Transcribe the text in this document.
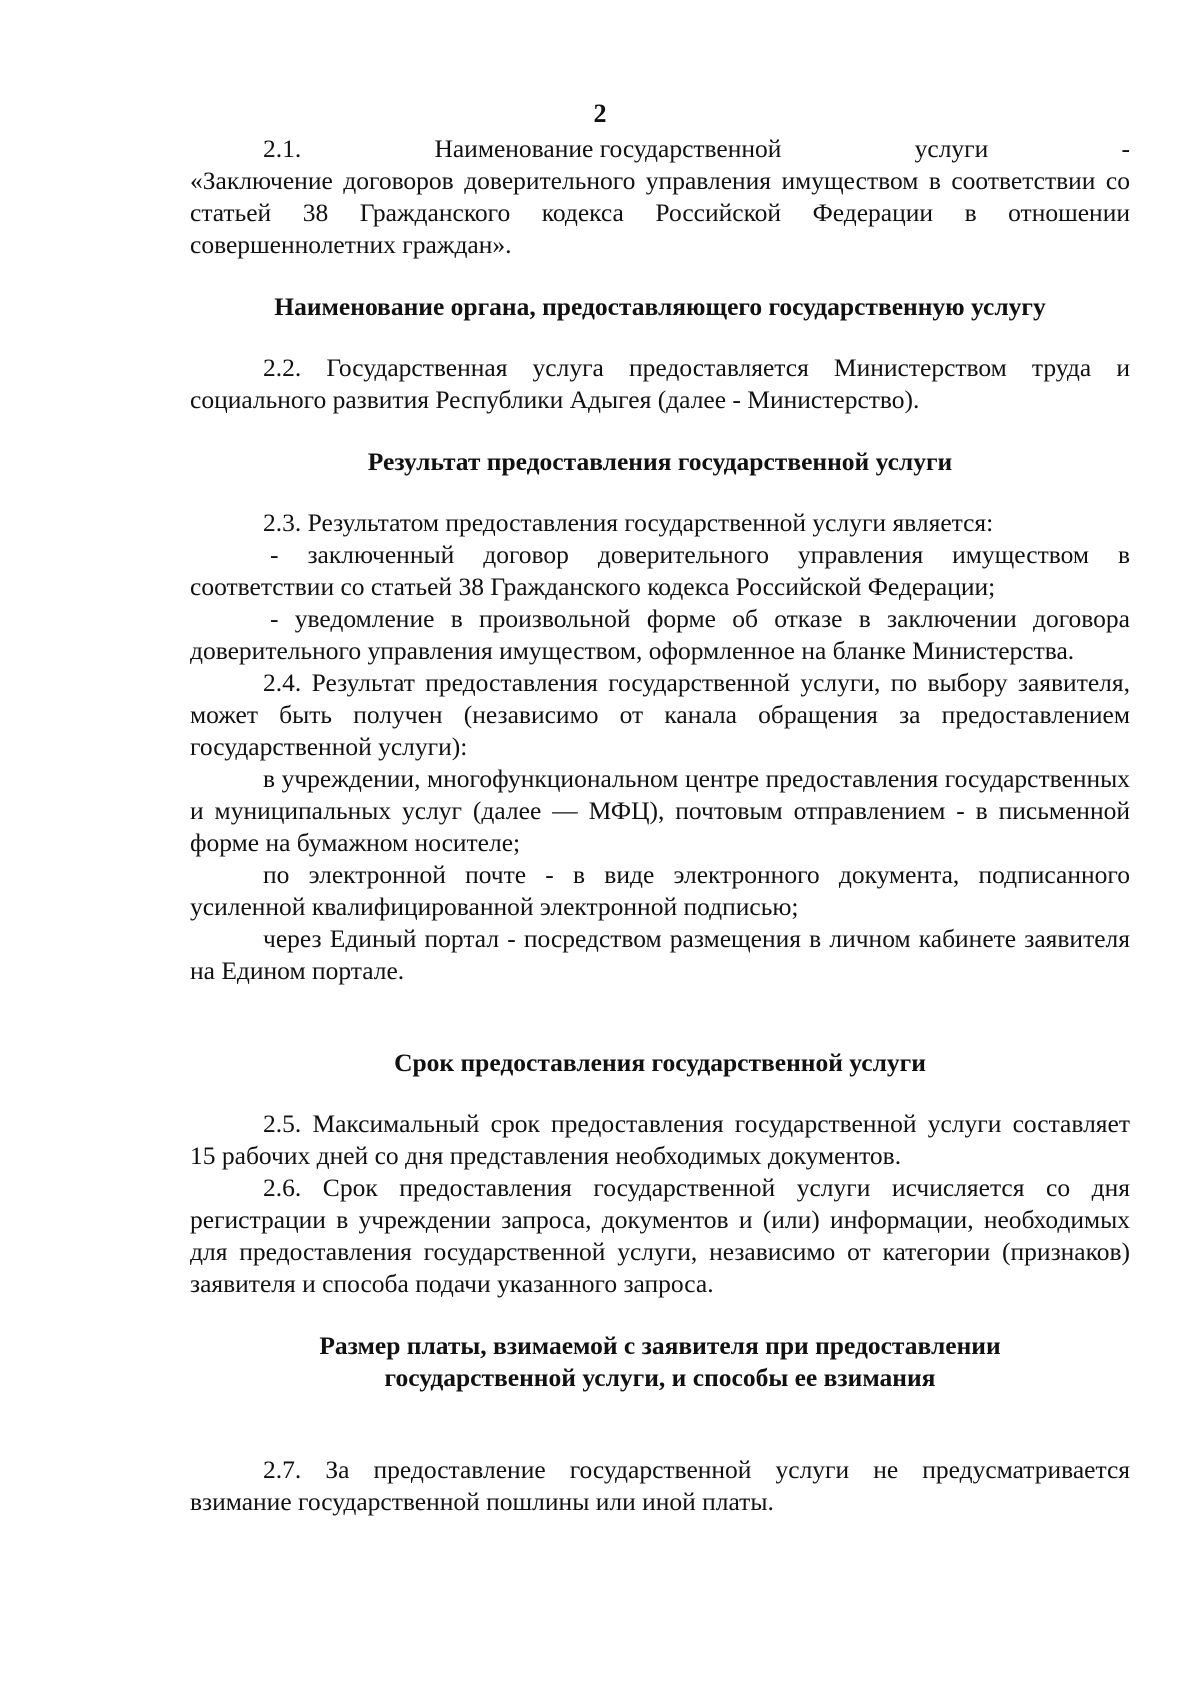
2
2.1.	Наименование государственной	услуги	-

«Заключение договоров доверительного управления имуществом в соответствии со статьей 38 Гражданского кодекса Российской Федерации в отношении совершеннолетних граждан».

Наименование органа, предоставляющего государственную услугу

2.2. Государственная услуга предоставляется Министерством труда и социального развития Республики Адыгея (далее - Министерство).

Результат предоставления государственной услуги

2.3. Результатом предоставления государственной услуги является:

- заключенный договор доверительного управления имуществом в соответствии со статьей 38 Гражданского кодекса Российской Федерации;

- уведомление в произвольной форме об отказе в заключении договора доверительного управления имуществом, оформленное на бланке Министерства.

2.4. Результат предоставления государственной услуги, по выбору заявителя, может быть получен (независимо от канала обращения за предоставлением государственной услуги):

в учреждении, многофункциональном центре предоставления государственных и муниципальных услуг (далее — МФЦ), почтовым отправлением - в письменной форме на бумажном носителе;

по электронной почте - в виде электронного документа, подписанного усиленной квалифицированной электронной подписью;

через Единый портал - посредством размещения в личном кабинете заявителя на Едином портале.

Срок предоставления государственной услуги

2.5. Максимальный срок предоставления государственной услуги составляет 15 рабочих дней со дня представления необходимых документов.

2.6. Срок предоставления государственной услуги исчисляется со дня регистрации в учреждении запроса, документов и (или) информации, необходимых для предоставления государственной услуги, независимо от категории (признаков) заявителя и способа подачи указанного запроса.

Размер платы, взимаемой с заявителя при предоставлении
государственной услуги, и способы ее взимания

2.7. За предоставление государственной услуги не предусматривается взимание государственной пошлины или иной платы.
